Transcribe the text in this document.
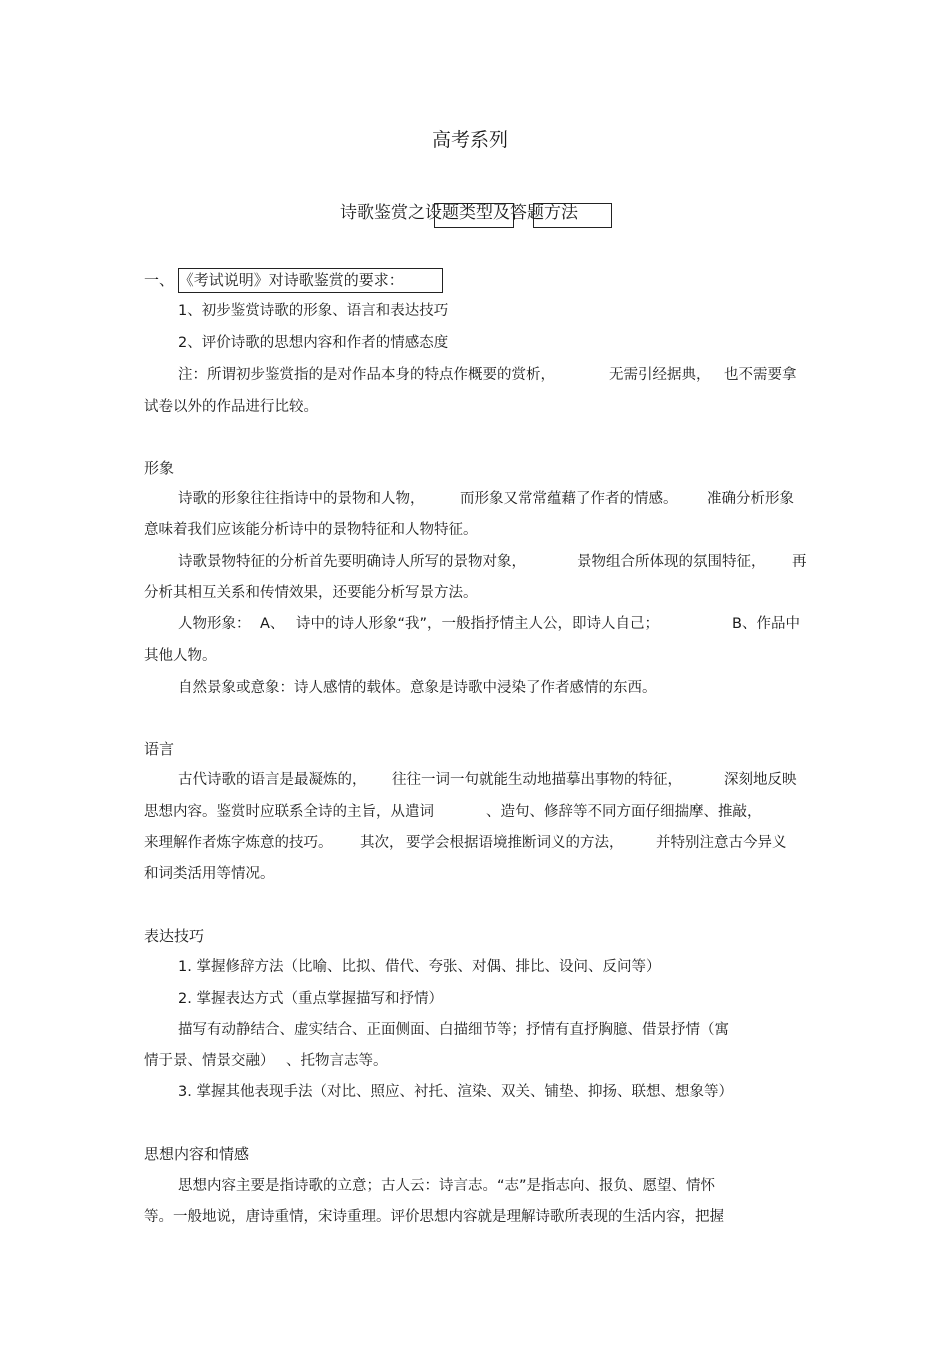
高考系列
诗歌鉴赏之设题类型及答题方法
一、 《考试说明》对诗歌鉴赏的要求：
1、初步鉴赏诗歌的形象、语言和表达技巧
2、评价诗歌的思想内容和作者的情感态度
注：所谓初步鉴赏指的是对作品本身的特点作概要的赏析，	无需引经据典， 也不需要拿
试卷以外的作品进行比较。
形象
诗歌的形象往往指诗中的景物和人物， 而形象又常常蕴藉了作者的情感。 准确分析形象
意味着我们应该能分析诗中的景物特征和人物特征。
诗歌景物特征的分析首先要明确诗人所写的景物对象，	景物组合所体现的氛围特征， 再
分析其相互关系和传情效果，还要能分析写景方法。
人物形象： A、 诗中的诗人形象“我”，一般指抒情主人公，即诗人自己；	B、作品中
其他人物。
自然景象或意象：诗人感情的载体。意象是诗歌中浸染了作者感情的东西。
语言
古代诗歌的语言是最凝炼的， 往往一词一句就能生动地描摹出事物的特征，	深刻地反映
思想内容。鉴赏时应联系全诗的主旨，从遣词	、造句、修辞等不同方面仔细揣摩、推敲，
来理解作者炼字炼意的技巧。 其次， 要学会根据语境推断词义的方法， 并特别注意古今异义
和词类活用等情况。
表达技巧
1. 掌握修辞方法（比喻、比拟、借代、夸张、对偶、排比、设问、反问等）
2. 掌握表达方式（重点掌握描写和抒情）
描写有动静结合、虚实结合、正面侧面、白描细节等；抒情有直抒胸臆、借景抒情（寓
情于景、情景交融） 、托物言志等。
3. 掌握其他表现手法（对比、照应、衬托、渲染、双关、铺垫、抑扬、联想、想象等）
思想内容和情感
思想内容主要是指诗歌的立意；古人云：诗言志。“志”是指志向、报负、愿望、情怀
等。一般地说，唐诗重情，宋诗重理。评价思想内容就是理解诗歌所表现的生活内容，把握
